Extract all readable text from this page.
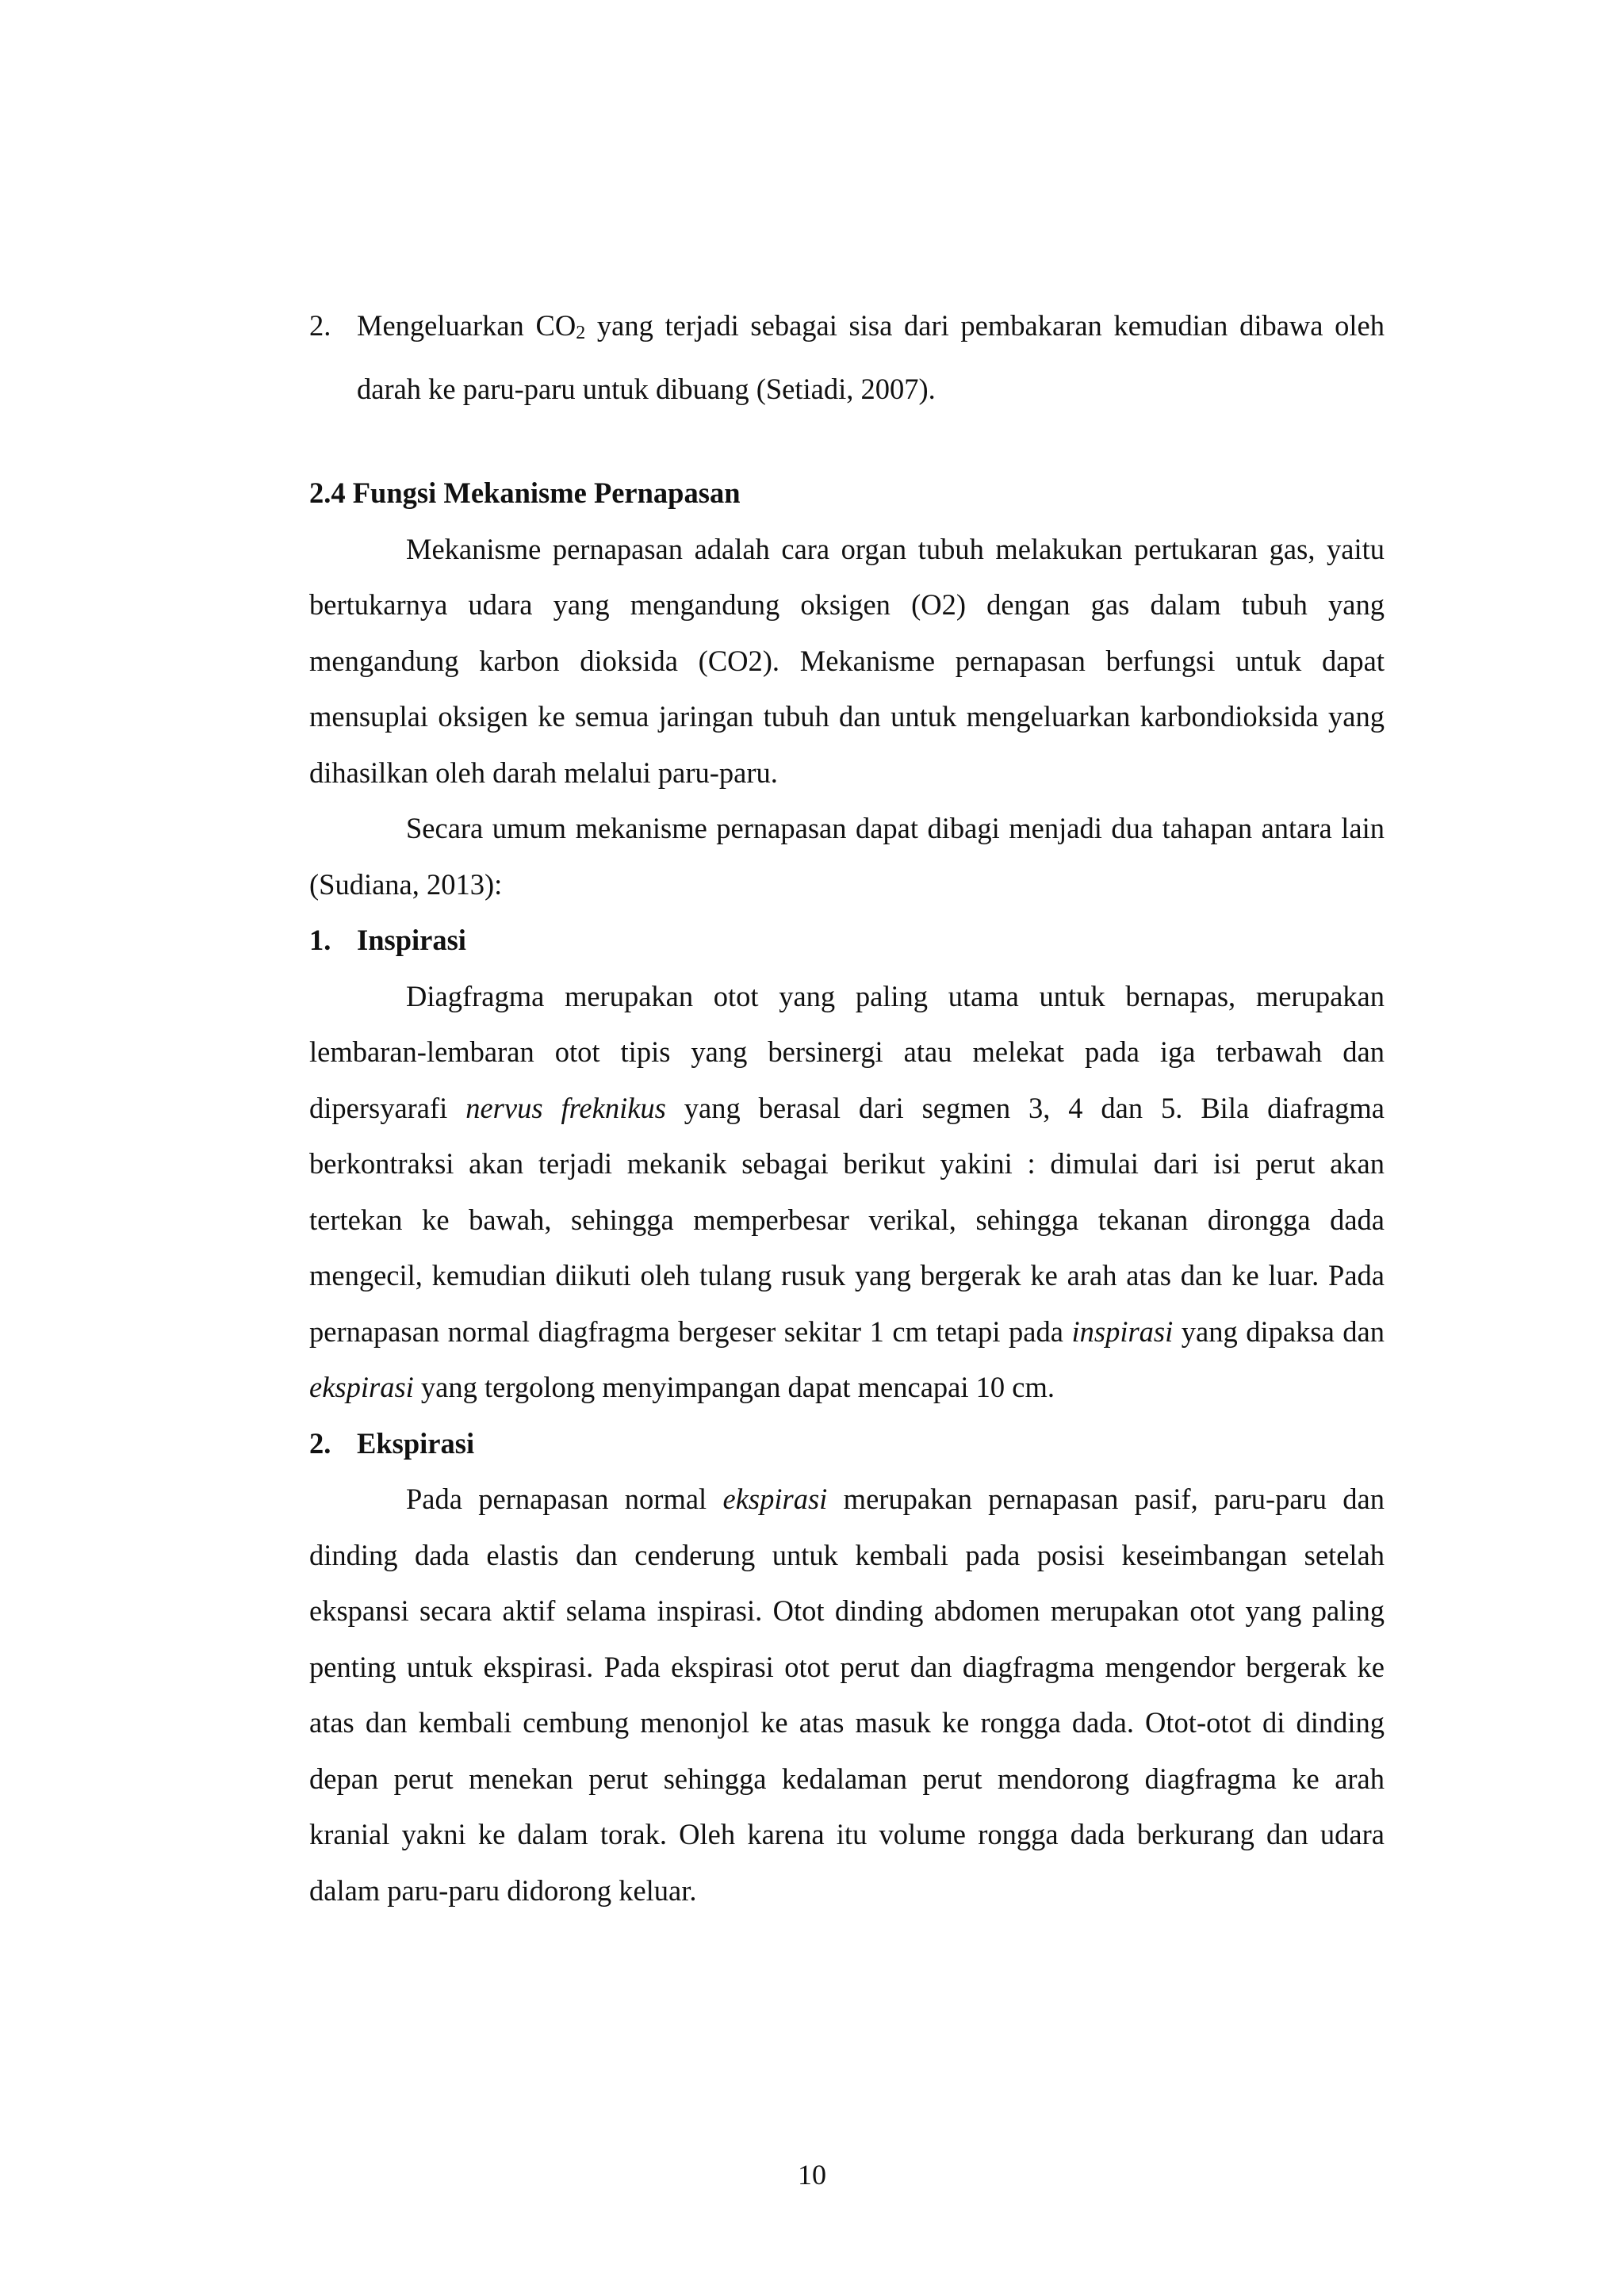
2. Mengeluarkan $CO_2$ yang terjadi sebagai sisa dari pembakaran kemudian dibawa oleh darah ke paru-paru untuk dibuang (Setiadi, 2007).

2.4 Fungsi Mekanisme Pernapasan

Mekanisme pernapasan adalah cara organ tubuh melakukan pertukaran gas, yaitu bertukarnya udara yang mengandung oksigen (O2) dengan gas dalam tubuh yang mengandung karbon dioksida (CO2). Mekanisme pernapasan berfungsi untuk dapat mensuplai oksigen ke semua jaringan tubuh dan untuk mengeluarkan karbondioksida yang dihasilkan oleh darah melalui paru-paru.

Secara umum mekanisme pernapasan dapat dibagi menjadi dua tahapan antara lain (Sudiana, 2013):

1. Inspirasi

Diagfragma merupakan otot yang paling utama untuk bernapas, merupakan lembaran-lembaran otot tipis yang bersinergi atau melekat pada iga terbawah dan dipersyarafi nervus freknikus yang berasal dari segmen 3, 4 dan 5. Bila diafragma berkontraksi akan terjadi mekanik sebagai berikut yakini : dimulai dari isi perut akan tertekan ke bawah, sehingga memperbesar verikal, sehingga tekanan dirongga dada mengecil, kemudian diikuti oleh tulang rusuk yang bergerak ke arah atas dan ke luar. Pada pernapasan normal diagfragma bergeser sekitar 1 cm tetapi pada inspirasi yang dipaksa dan ekspirasi yang tergolong menyimpangan dapat mencapai 10 cm.

2. Ekspirasi

Pada pernapasan normal ekspirasi merupakan pernapasan pasif, paru-paru dan dinding dada elastis dan cenderung untuk kembali pada posisi keseimbangan setelah ekspansi secara aktif selama inspirasi. Otot dinding abdomen merupakan otot yang paling penting untuk ekspirasi. Pada ekspirasi otot perut dan diagfragma mengendor bergerak ke atas dan kembali cembung menonjol ke atas masuk ke rongga dada. Otot-otot di dinding depan perut menekan perut sehingga kedalaman perut mendorong diagfragma ke arah kranial yakni ke dalam torak. Oleh karena itu volume rongga dada berkurang dan udara dalam paru-paru didorong keluar.

10
